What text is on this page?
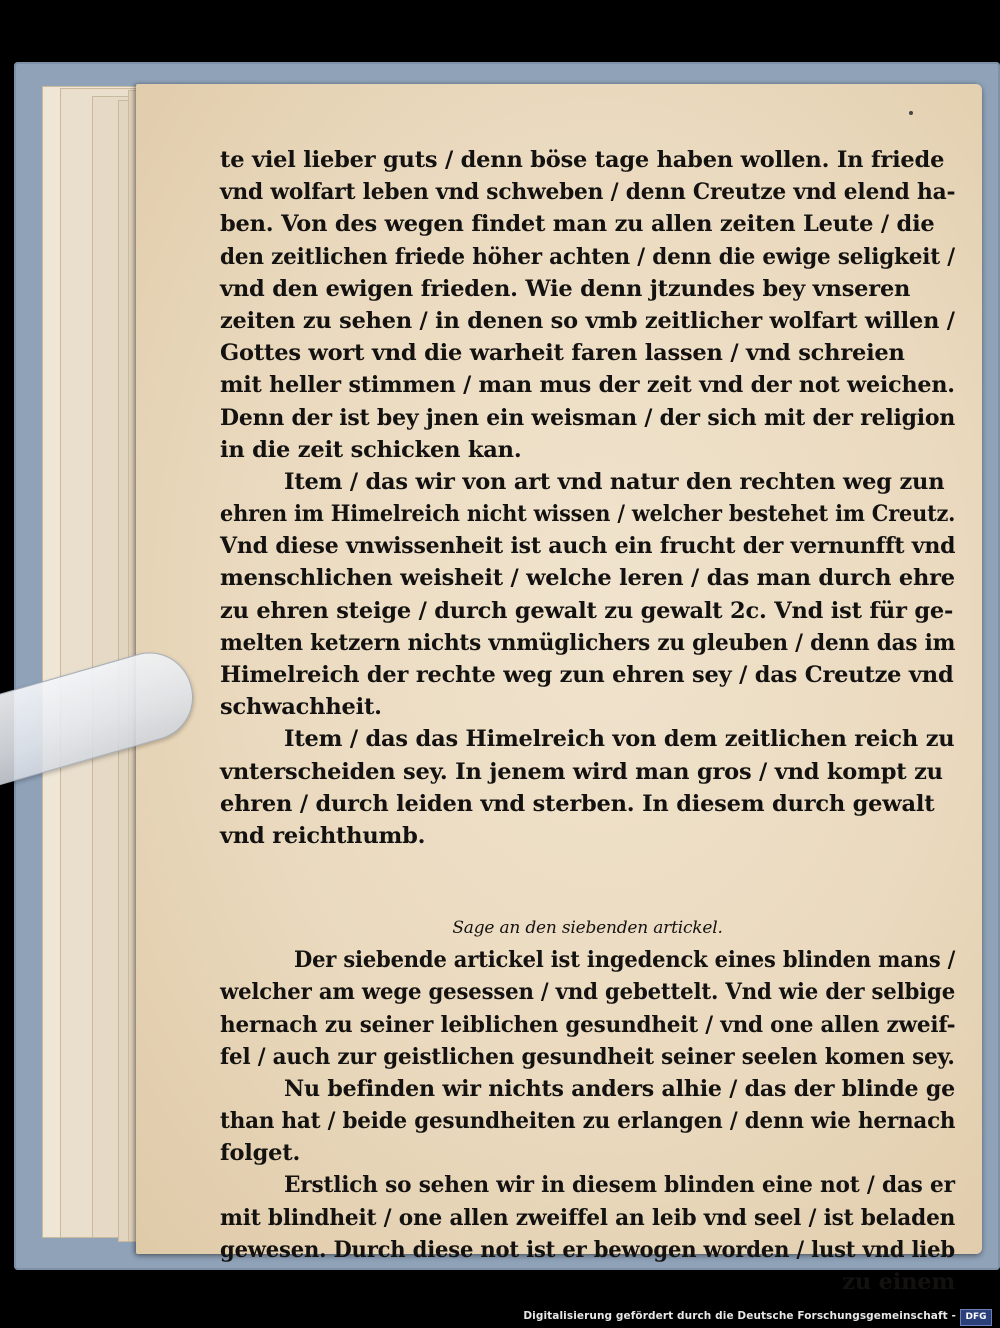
te viel lieber guts / denn böse tage haben wollen. In friede
vnd wolfart leben vnd schweben / denn Creutze vnd elend ha-
ben. Von des wegen findet man zu allen zeiten Leute / die
den zeitlichen friede höher achten / denn die ewige seligkeit /
vnd den ewigen frieden. Wie denn jtzundes bey vnseren
zeiten zu sehen / in denen so vmb zeitlicher wolfart willen /
Gottes wort vnd die warheit faren lassen / vnd schreien
mit heller stimmen / man mus der zeit vnd der not weichen.
Denn der ist bey jnen ein weisman / der sich mit der religion
in die zeit schicken kan.
Item / das wir von art vnd natur den rechten weg zun
ehren im Himelreich nicht wissen / welcher bestehet im Creutz.
Vnd diese vnwissenheit ist auch ein frucht der vernunfft vnd
menschlichen weisheit / welche leren / das man durch ehre
zu ehren steige / durch gewalt zu gewalt 2c. Vnd ist für ge-
melten ketzern nichts vnmüglichers zu gleuben / denn das im
Himelreich der rechte weg zun ehren sey / das Creutze vnd
schwachheit.
Item / das das Himelreich von dem zeitlichen reich zu
vnterscheiden sey. In jenem wird man gros / vnd kompt zu
ehren / durch leiden vnd sterben. In diesem durch gewalt
vnd reichthumb.
Sage an den siebenden artickel.
Der siebende artickel ist ingedenck eines blinden mans /
welcher am wege gesessen / vnd gebettelt. Vnd wie der selbige
hernach zu seiner leiblichen gesundheit / vnd one allen zweif-
fel / auch zur geistlichen gesundheit seiner seelen komen sey.
Nu befinden wir nichts anders alhie / das der blinde ge
than hat / beide gesundheiten zu erlangen / denn wie hernach
folget.
Erstlich so sehen wir in diesem blinden eine not / das er
mit blindheit / one allen zweiffel an leib vnd seel / ist beladen
gewesen. Durch diese not ist er bewogen worden / lust vnd lieb
zu einem
Digitalisierung gefördert durch die Deutsche Forschungsgemeinschaft -	DFG
